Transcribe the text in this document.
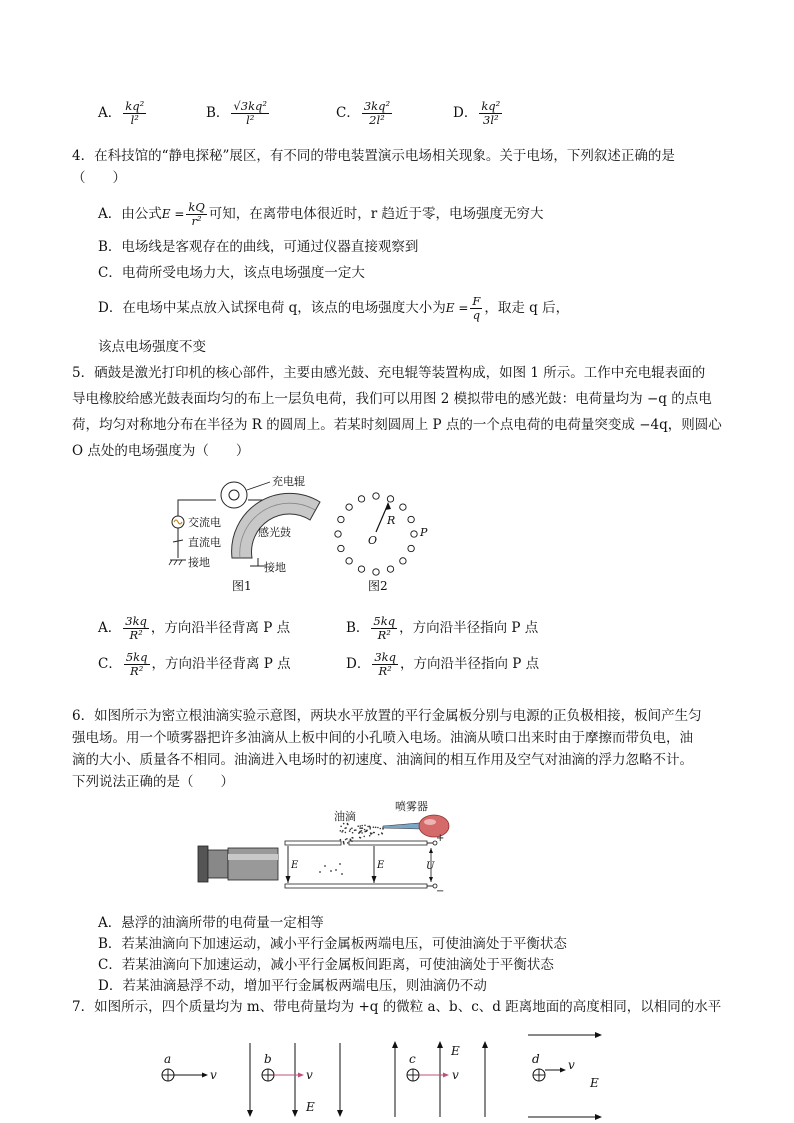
A． $\frac{\text{kq²}}{\text{l²}}$	B． $\frac{\text{√3kq²}}{\text{l²}}$	C． $\frac{\text{3kq²}}{\text{2l²}}$	D． $\frac{\text{kq²}}{\text{3l²}}$
4．在科技馆的“静电探秘”展区，有不同的带电装置演示电场相关现象。关于电场，下列叙述正确的是
（　　）
A．由公式$E = \frac{kQ}{\text{r²}}$ 可知，在离带电体很近时，r 趋近于零，电场强度无穷大
B．电场线是客观存在的曲线，可通过仪器直接观察到
C．电荷所受电场力大，该点电场强度一定大
D．在电场中某点放入试探电荷 q，该点的电场强度大小为$E = \frac{F}{q}$ ，取走 q 后，
该点电场强度不变
5．硒鼓是激光打印机的核心部件，主要由感光鼓、充电辊等装置构成，如图 1 所示。工作中充电辊表面的
导电橡胶给感光鼓表面均匀的布上一层负电荷，我们可以用图 2 模拟带电的感光鼓：电荷量均为 −q 的点电
荷，均匀对称地分布在半径为 R 的圆周上。若某时刻圆周上 P 点的一个点电荷的电荷量突变成 −4q，则圆心
O 点处的电场强度为（　　）
充电辊
交流电
直流电
接地
感光鼓
接地
图1
R
O
P
图2
A． $\frac{3kq}{\text{R²}}$ ，方向沿半径背离 P 点	B． $\frac{5kq}{\text{R²}}$ ，方向沿半径指向 P 点
C． $\frac{5kq}{\text{R²}}$ ，方向沿半径背离 P 点	D． $\frac{3kq}{\text{R²}}$ ，方向沿半径指向 P 点
6．如图所示为密立根油滴实验示意图，两块水平放置的平行金属板分别与电源的正负极相接，板间产生匀
强电场。用一个喷雾器把许多油滴从上板中间的小孔喷入电场。油滴从喷口出来时由于摩擦而带负电，油
滴的大小、质量各不相同。油滴进入电场时的初速度、油滴间的相互作用及空气对油滴的浮力忽略不计。
下列说法正确的是（　　）
E	E
油滴
喷雾器
+
−
U
A．悬浮的油滴所带的电荷量一定相等
B．若某油滴向下加速运动，减小平行金属板两端电压，可使油滴处于平衡状态
C．若某油滴向下加速运动，减小平行金属板间距离，可使油滴处于平衡状态
D．若某油滴悬浮不动，增加平行金属板两端电压，则油滴仍不动
7．如图所示，四个质量均为 m、带电荷量均为 +q 的微粒 a、b、c、d 距离地面的高度相同，以相同的水平
a
v
b
v
E
c
v
E
d v
E
